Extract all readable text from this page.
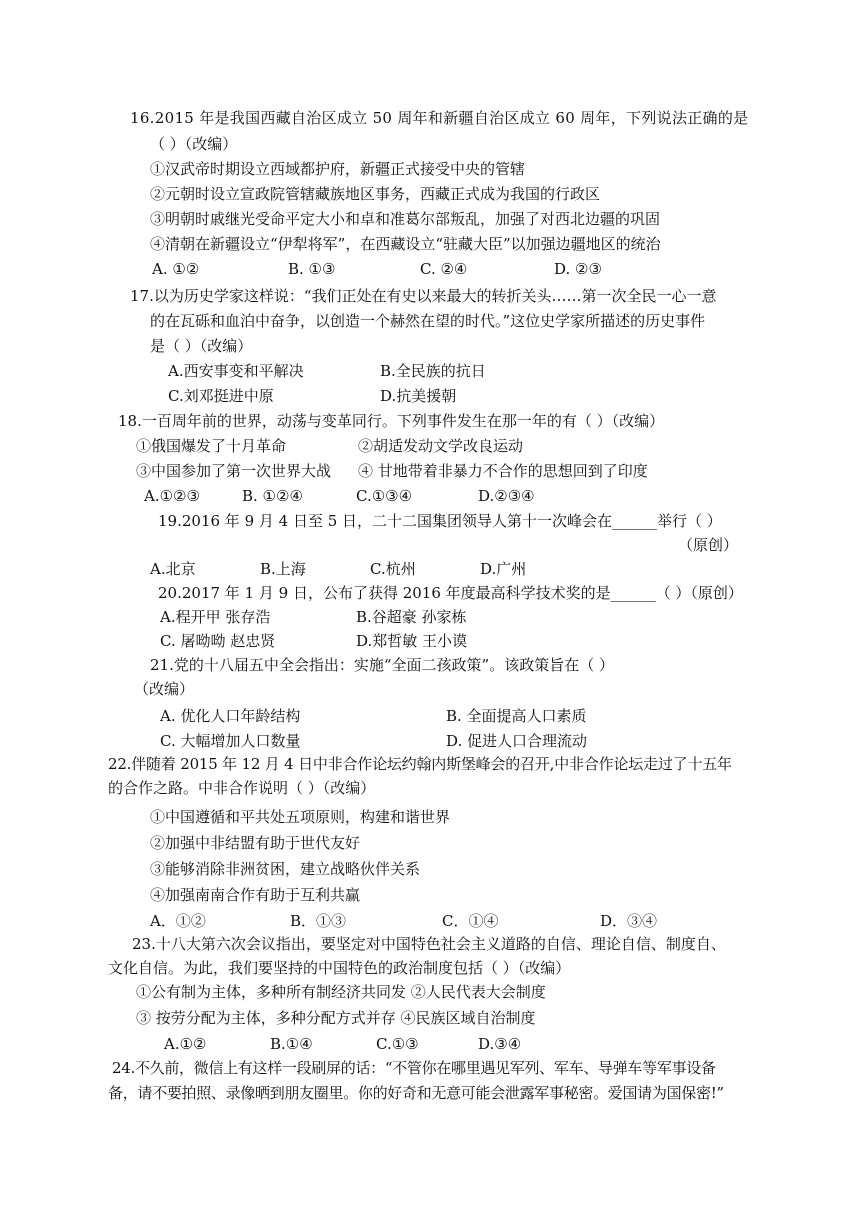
16.2015 年是我国西藏自治区成立 50 周年和新疆自治区成立 60 周年，下列说法正确的是
（ ）（改编）
①汉武帝时期设立西域都护府，新疆正式接受中央的管辖
②元朝时设立宣政院管辖藏族地区事务，西藏正式成为我国的行政区
③明朝时戚继光受命平定大小和卓和准葛尔部叛乱，加强了对西北边疆的巩固
④清朝在新疆设立“伊犁将军”，在西藏设立“驻藏大臣”以加强边疆地区的统治
A. ①②	B. ①③	C. ②④	D. ②③
17.以为历史学家这样说：“我们正处在有史以来最大的转折关头……第一次全民一心一意
的在瓦砾和血泊中奋争，以创造一个赫然在望的时代。”这位史学家所描述的历史事件
是（ ）（改编）
A.西安事变和平解决	B.全民族的抗日
C.刘邓挺进中原	D.抗美援朝
18.一百周年前的世界，动荡与变革同行。下列事件发生在那一年的有（ ）（改编）
①俄国爆发了十月革命	②胡适发动文学改良运动
③中国参加了第一次世界大战 ④ 甘地带着非暴力不合作的思想回到了印度
A.①②③	B. ①②④	C.①③④	D.②③④
19.2016 年 9 月 4 日至 5 日，二十二国集团领导人第十一次峰会在______举行（ ）
（原创）
A.北京	B.上海	C.杭州	D.广州
20.2017 年 1 月 9 日，公布了获得 2016 年度最高科学技术奖的是______（ ）（原创）
A.程开甲 张存浩	B.谷超豪 孙家栋
C. 屠呦呦 赵忠贤	D.郑哲敏 王小谟
21.党的十八届五中全会指出：实施“全面二孩政策”。该政策旨在（ ）
（改编）
A. 优化人口年龄结构	B. 全面提高人口素质
C. 大幅增加人口数量	D. 促进人口合理流动
22.伴随着 2015 年 12 月 4 日中非合作论坛约翰内斯堡峰会的召开,中非合作论坛走过了十五年
的合作之路。中非合作说明（ ）（改编）
①中国遵循和平共处五项原则，构建和谐世界
②加强中非结盟有助于世代友好
③能够消除非洲贫困，建立战略伙伴关系
④加强南南合作有助于互利共赢
A．①②	B．①③	C．①④	D．③④
23.十八大第六次会议指出，要坚定对中国特色社会主义道路的自信、理论自信、制度自、
文化自信。为此，我们要坚持的中国特色的政治制度包括（ ）（改编）
①公有制为主体，多种所有制经济共同发 ②人民代表大会制度
③ 按劳分配为主体，多种分配方式并存 ④民族区域自治制度
A.①②	B.①④	C.①③	D.③④
24.不久前，微信上有这样一段刷屏的话：“不管你在哪里遇见军列、军车、导弹车等军事设备
备，请不要拍照、录像晒到朋友圈里。你的好奇和无意可能会泄露军事秘密。爱国请为国保密!”
